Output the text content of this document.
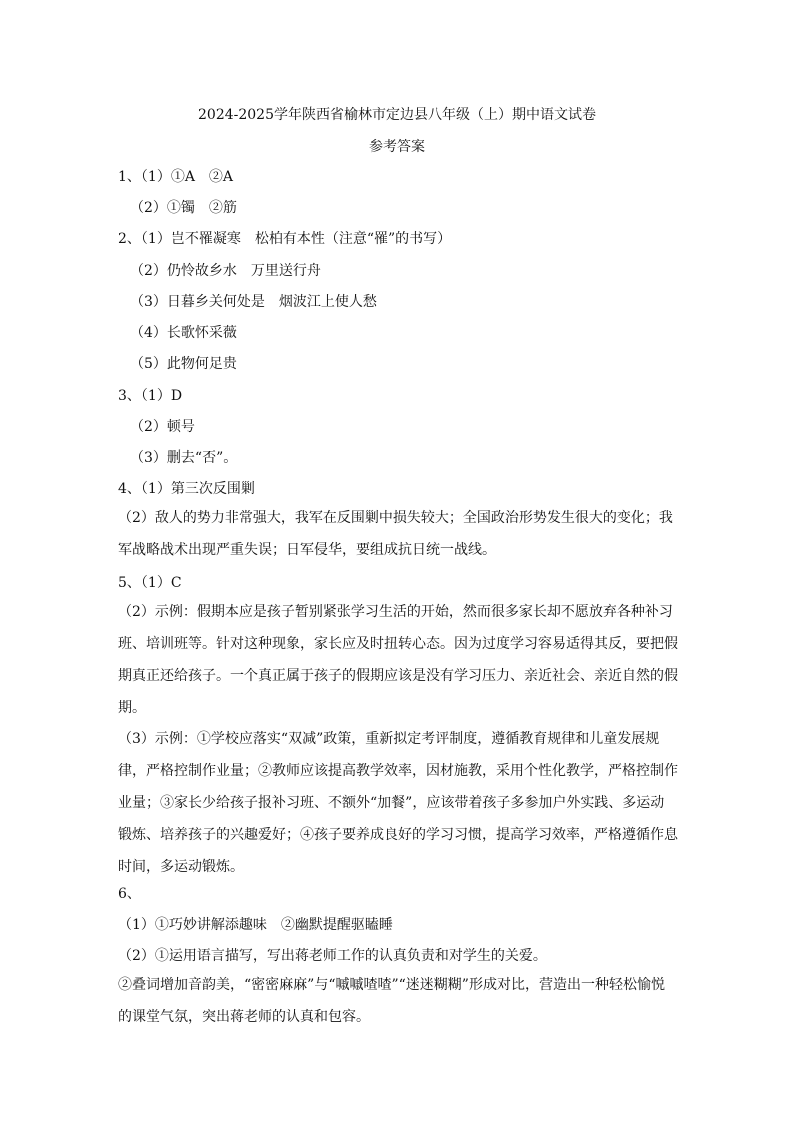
2024-2025学年陕西省榆林市定边县八年级（上）期中语文试卷
参考答案
1、（1）①A　②A
（2）①镯　②筋
2、（1）岂不罹凝寒　松柏有本性（注意“罹”的书写）
（2）仍怜故乡水　万里送行舟
（3）日暮乡关何处是　烟波江上使人愁
（4）长歌怀采薇
（5）此物何足贵
3、（1）D
（2）顿号
（3）删去“否”。
4、（1）第三次反围剿
（2）敌人的势力非常强大，我军在反围剿中损失较大；全国政治形势发生很大的变化；我军战略战术出现严重失误；日军侵华，要组成抗日统一战线。
5、（1）C
（2）示例：假期本应是孩子暂别紧张学习生活的开始，然而很多家长却不愿放弃各种补习班、培训班等。针对这种现象，家长应及时扭转心态。因为过度学习容易适得其反，要把假期真正还给孩子。一个真正属于孩子的假期应该是没有学习压力、亲近社会、亲近自然的假期。
（3）示例：①学校应落实“双减”政策，重新拟定考评制度，遵循教育规律和儿童发展规律，严格控制作业量；②教师应该提高教学效率，因材施教，采用个性化教学，严格控制作业量；③家长少给孩子报补习班、不额外“加餐”，应该带着孩子多参加户外实践、多运动锻炼、培养孩子的兴趣爱好；④孩子要养成良好的学习习惯，提高学习效率，严格遵循作息时间，多运动锻炼。
6、
（1）①巧妙讲解添趣味　②幽默提醒驱瞌睡
（2）①运用语言描写，写出蒋老师工作的认真负责和对学生的关爱。
②叠词增加音韵美，“密密麻麻”与“嘁嘁喳喳”“迷迷糊糊”形成对比，营造出一种轻松愉悦的课堂气氛，突出蒋老师的认真和包容。
